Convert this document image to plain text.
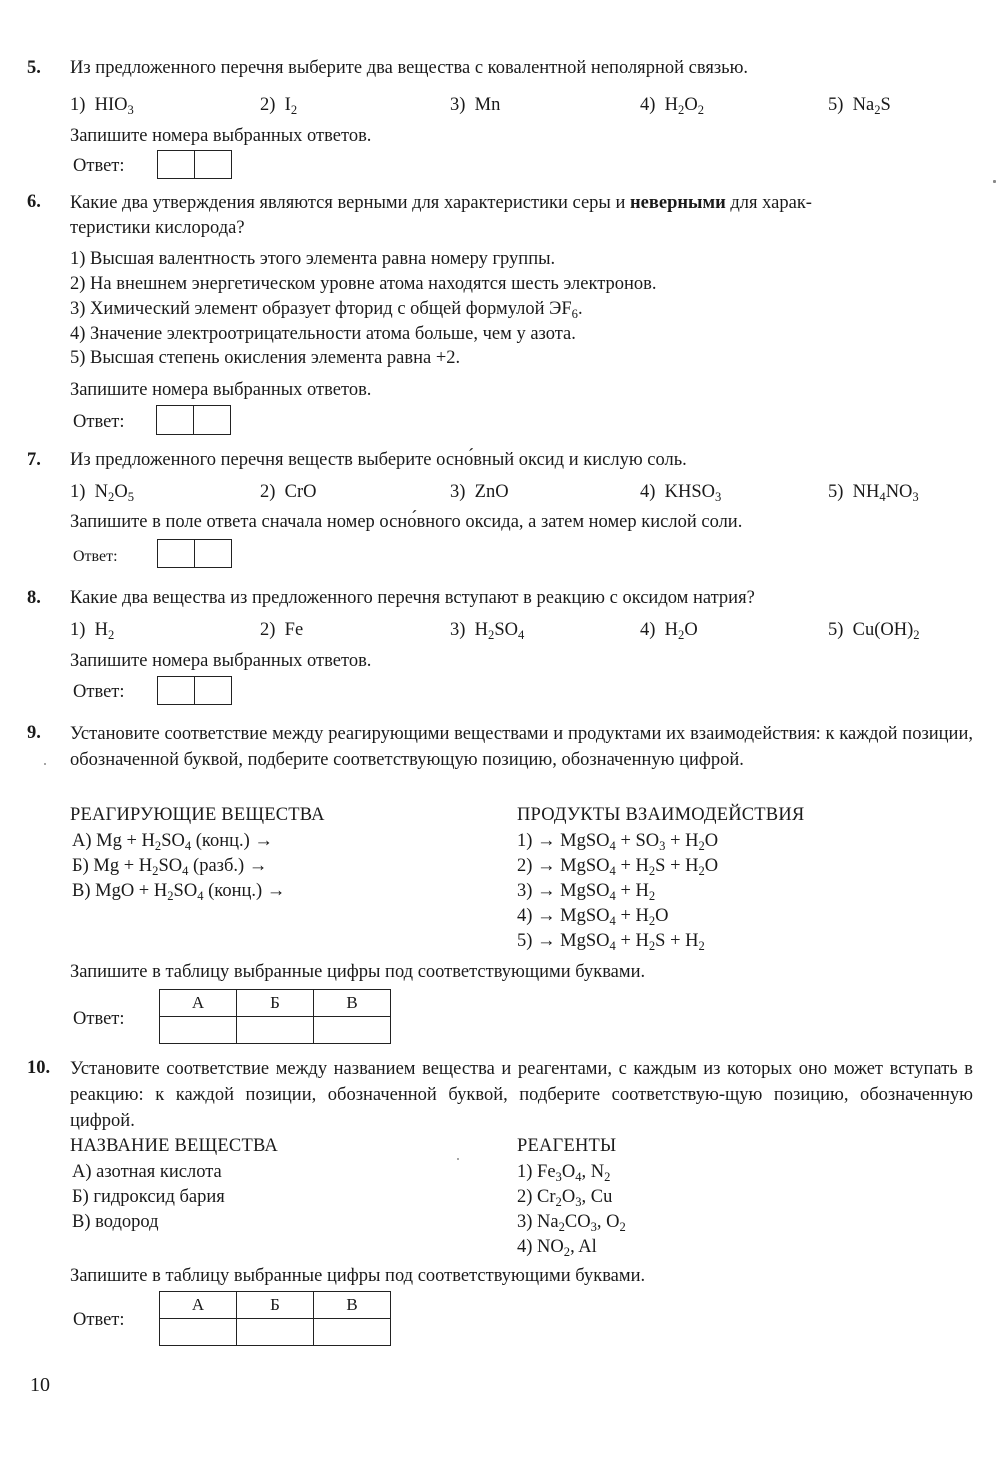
5. Из предложенного перечня выберите два вещества с ковалентной неполярной связью.
1)  $HIO_3$	2)  $I_2$	3)  Mn	4)  $H_2O_2$	5)  $Na_2S$
Запишите номера выбранных ответов.
Ответ:
6. Какие два утверждения являются верными для характеристики серы и неверными для харак-
теристики кислорода?
1) Высшая валентность этого элемента равна номеру группы.
2) На внешнем энергетическом уровне атома находятся шесть электронов.
3) Химический элемент образует фторид с общей формулой $ЭF_6$.
4) Значение электроотрицательности атома больше, чем у азота.
5) Высшая степень окисления элемента равна +2.
Запишите номера выбранных ответов.
Ответ:
7. Из предложенного перечня веществ выберите осно́вный оксид и кислую соль.
1)  $N_2O_5$	2)  CrO	3)  ZnO	4)  $KHSO_3$	5)  $NH_4NO_3$
Запишите в поле ответа сначала номер осно́вного оксида, а затем номер кислой соли.
Ответ:
8. Какие два вещества из предложенного перечня вступают в реакцию с оксидом натрия?
1)  $H_2$	2)  Fe	3)  $H_2SO_4$	4)  $H_2O$	5)  $Cu(OH)_2$
Запишите номера выбранных ответов.
Ответ:
9. Установите соответствие между реагирующими веществами и продуктами их взаимодействия: к каждой позиции, обозначенной буквой, подберите соответствующую позицию, обозначенную цифрой.
РЕАГИРУЮЩИЕ ВЕЩЕСТВА	ПРОДУКТЫ ВЗАИМОДЕЙСТВИЯ
А) $Mg + H_2SO_4$ (конц.) →
Б) $Mg + H_2SO_4$ (разб.) →
В) MgO + $H_2SO_4$ (конц.) →
1) → MgSO$_4$ + $SO_3 + H_2O$
2) → MgSO$_4$ + $H_2S + H_2O$
3) → MgSO$_4$ + $H_2$
4) → MgSO$_4$ + $H_2O$
5) → MgSO$_4$ + $H_2S + H_2$
Запишите в таблицу выбранные цифры под соответствующими буквами.
Ответ:
А	Б	В

10. Установите соответствие между названием вещества и реагентами, с каждым из которых оно может вступать в реакцию: к каждой позиции, обозначенной буквой, подберите соответствую-щую позицию, обозначенную цифрой.
НАЗВАНИЕ ВЕЩЕСТВА	РЕАГЕНТЫ
А) азотная кислота
Б) гидроксид бария
В) водород
1) $Fe_3O_4$, $N_2$
2) $Cr_2O_3$, Cu
3) $Na_2CO_3$, $O_2$
4) $NO_2$, Al
Запишите в таблицу выбранные цифры под соответствующими буквами.
Ответ:
А	Б	В

10
